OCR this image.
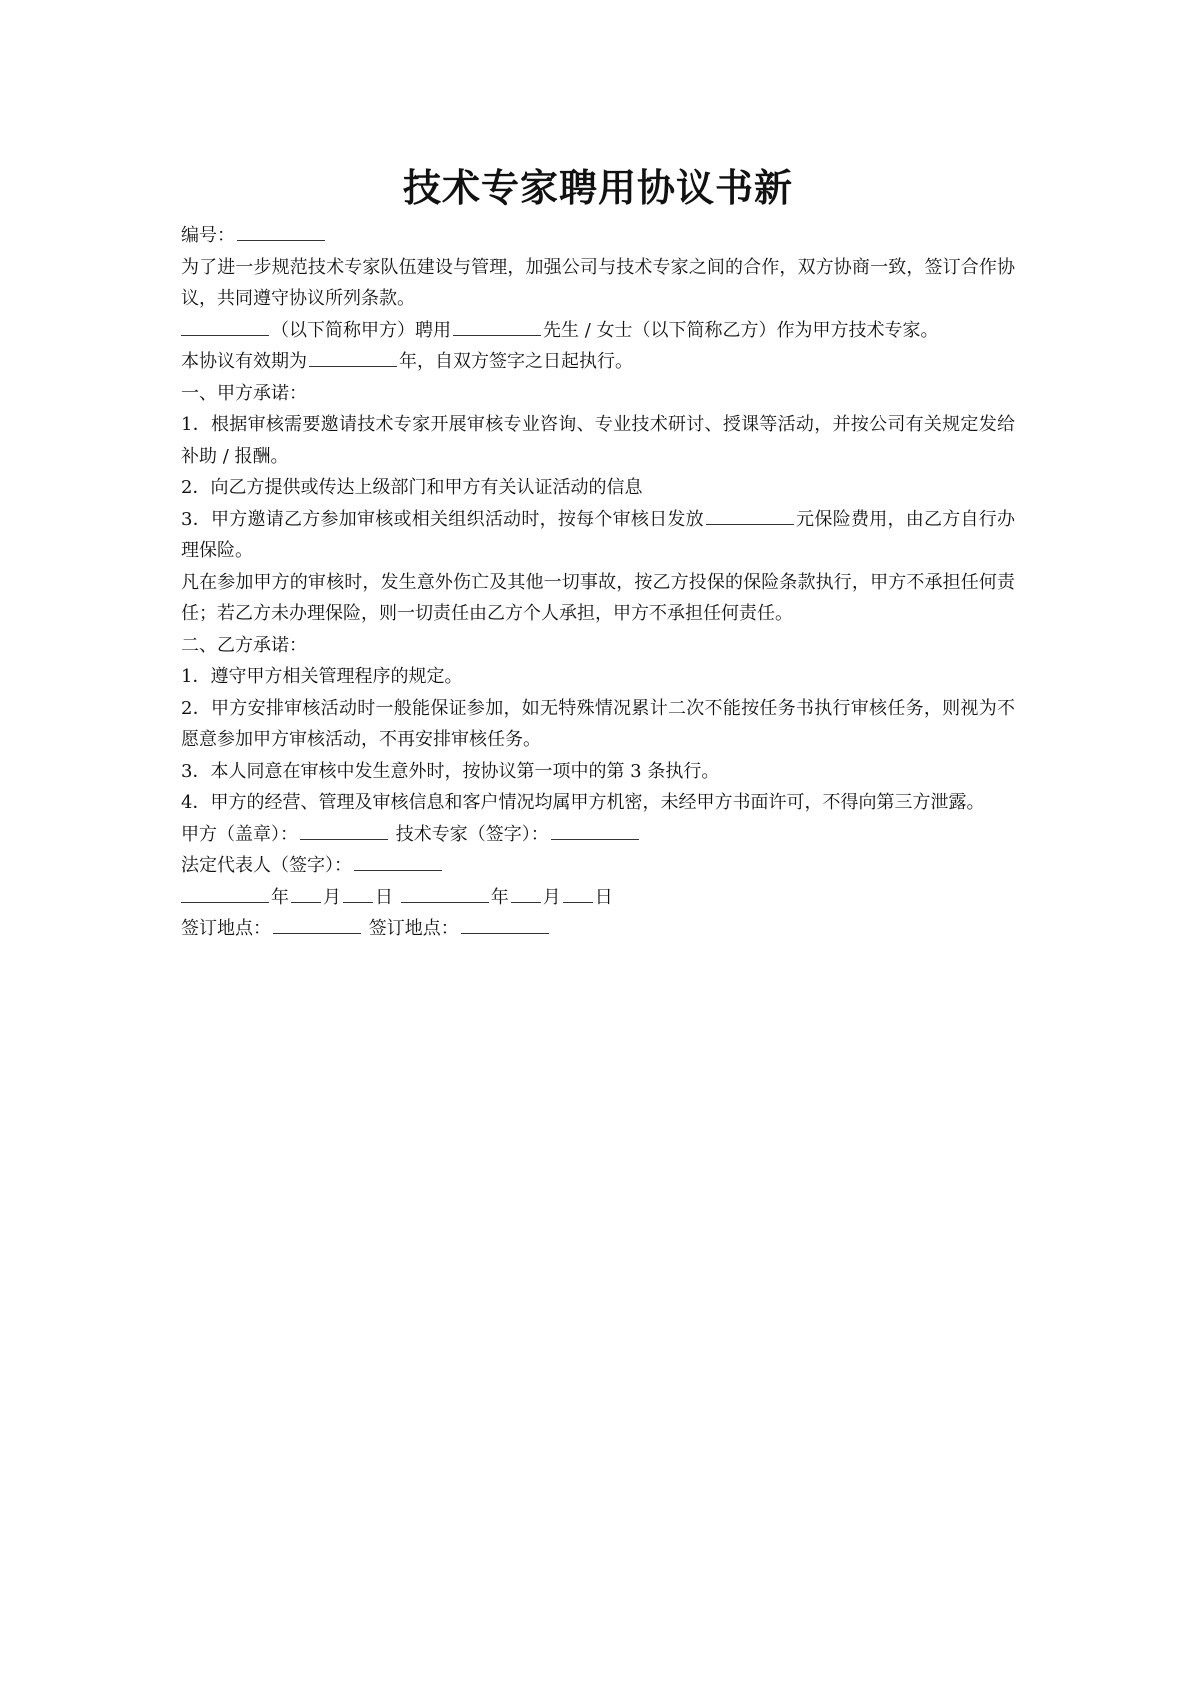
技术专家聘用协议书新

编号：

为了进一步规范技术专家队伍建设与管理，加强公司与技术专家之间的合作，双方协商一致，签订合作协议，共同遵守协议所列条款。

（以下简称甲方）聘用	先生 / 女士（以下简称乙方）作为甲方技术专家。

本协议有效期为	年，自双方签字之日起执行。

一、甲方承诺：

1．根据审核需要邀请技术专家开展审核专业咨询、专业技术研讨、授课等活动，并按公司有关规定发给补助 / 报酬。

2．向乙方提供或传达上级部门和甲方有关认证活动的信息

3．甲方邀请乙方参加审核或相关组织活动时，按每个审核日发放	元保险费用，由乙方自行办理保险。

凡在参加甲方的审核时，发生意外伤亡及其他一切事故，按乙方投保的保险条款执行，甲方不承担任何责任；若乙方未办理保险，则一切责任由乙方个人承担，甲方不承担任何责任。

二、乙方承诺：

1．遵守甲方相关管理程序的规定。

2．甲方安排审核活动时一般能保证参加，如无特殊情况累计二次不能按任务书执行审核任务，则视为不愿意参加甲方审核活动，不再安排审核任务。

3．本人同意在审核中发生意外时，按协议第一项中的第 3 条执行。

4．甲方的经营、管理及审核信息和客户情况均属甲方机密，未经甲方书面许可，不得向第三方泄露。

甲方（盖章）：	技术专家（签字）：

法定代表人（签字）：

年 月 日	年 月 日

签订地点：	签订地点：
